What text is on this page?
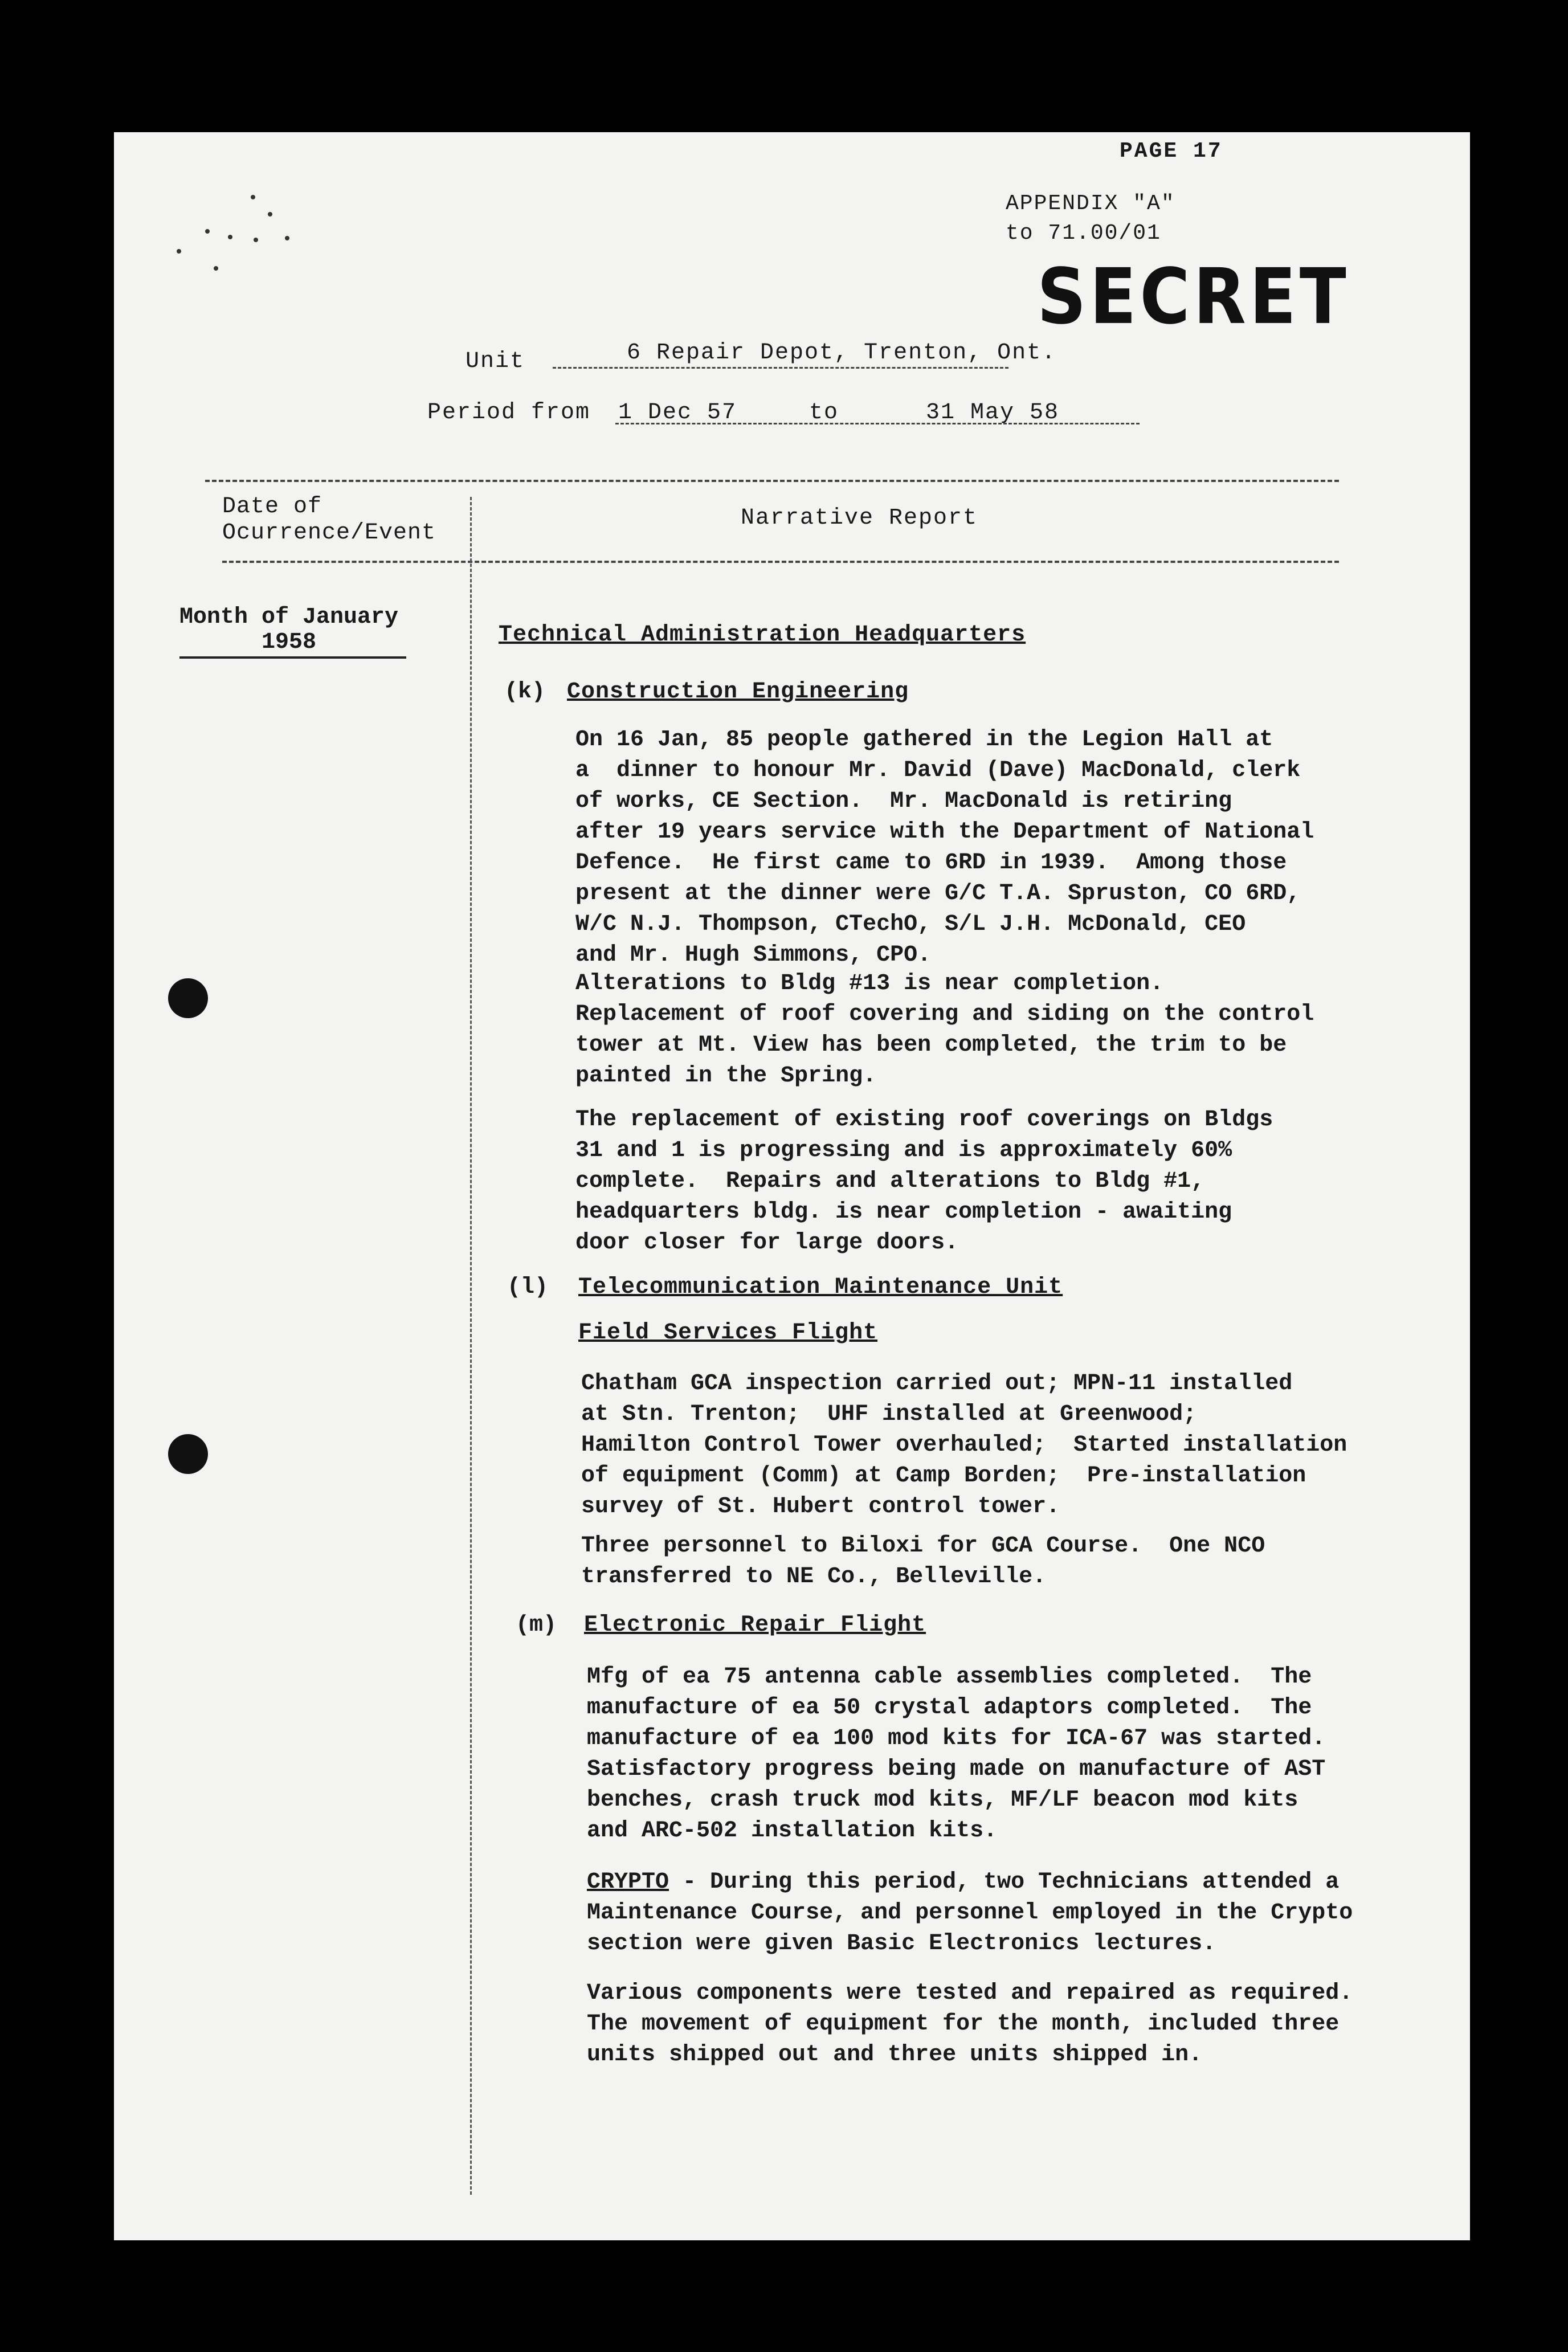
PAGE 17
APPENDIX "A"
to 71.00/01
SECRET
Unit	6 Repair Depot, Trenton, Ont.
Period from 1 Dec 57	to	31 May 58
Date of
Ocurrence/Event
Narrative Report
Month of January
1958	Technical Administration Headquarters
(k) Construction Engineering
On 16 Jan, 85 people gathered in the Legion Hall at
a  dinner to honour Mr. David (Dave) MacDonald, clerk
of works, CE Section.  Mr. MacDonald is retiring
after 19 years service with the Department of National
Defence.  He first came to 6RD in 1939.  Among those
present at the dinner were G/C T.A. Spruston, CO 6RD,
W/C N.J. Thompson, CTechO, S/L J.H. McDonald, CEO
and Mr. Hugh Simmons, CPO.
Alterations to Bldg #13 is near completion.
Replacement of roof covering and siding on the control
tower at Mt. View has been completed, the trim to be
painted in the Spring.
The replacement of existing roof coverings on Bldgs
31 and 1 is progressing and is approximately 60%
complete.  Repairs and alterations to Bldg #1,
headquarters bldg. is near completion - awaiting
door closer for large doors.
(l) Telecommunication Maintenance Unit
Field Services Flight
Chatham GCA inspection carried out; MPN-11 installed
at Stn. Trenton;  UHF installed at Greenwood;
Hamilton Control Tower overhauled;  Started installation
of equipment (Comm) at Camp Borden;  Pre-installation
survey of St. Hubert control tower.
Three personnel to Biloxi for GCA Course.  One NCO
transferred to NE Co., Belleville.
(m) Electronic Repair Flight
Mfg of ea 75 antenna cable assemblies completed.  The
manufacture of ea 50 crystal adaptors completed.  The
manufacture of ea 100 mod kits for ICA-67 was started.
Satisfactory progress being made on manufacture of AST
benches, crash truck mod kits, MF/LF beacon mod kits
and ARC-502 installation kits.
CRYPTO - During this period, two Technicians attended a
Maintenance Course, and personnel employed in the Crypto
section were given Basic Electronics lectures.
Various components were tested and repaired as required.
The movement of equipment for the month, included three
units shipped out and three units shipped in.
